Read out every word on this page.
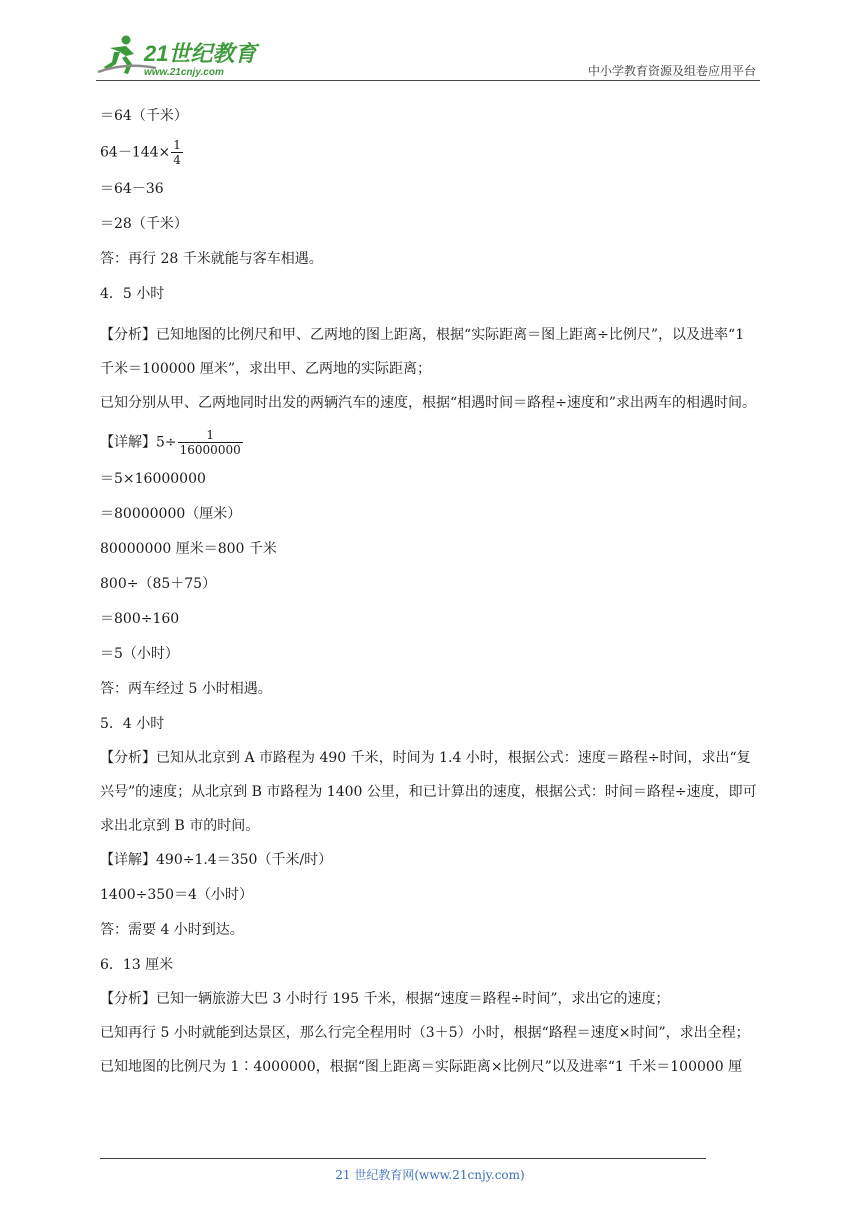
21世纪教育
www.21cnjy.com	中小学教育资源及组卷应用平台

＝64（千米）

$64-144\times \frac{1}{4}$

＝64－36

＝28（千米）

答：再行 28 千米就能与客车相遇。

4．5 小时

【分析】已知地图的比例尺和甲、乙两地的图上距离，根据“实际距离＝图上距离÷比例尺”，以及进率“1 千米＝100000 厘米”，求出甲、乙两地的实际距离；

已知分别从甲、乙两地同时出发的两辆汽车的速度，根据“相遇时间＝路程÷速度和”求出两车的相遇时间。

【详解】$5\div \frac{1}{16000000}$

＝5×16000000

＝80000000（厘米）

80000000 厘米＝800 千米

800÷（85＋75）

＝800÷160

＝5（小时）

答：两车经过 5 小时相遇。

5．4 小时

【分析】已知从北京到 A 市路程为 490 千米，时间为 1.4 小时，根据公式：速度＝路程÷时间，求出“复兴号”的速度；从北京到 B 市路程为 1400 公里，和已计算出的速度，根据公式：时间＝路程÷速度，即可求出北京到 B 市的时间。

【详解】490÷1.4＝350（千米/时）

1400÷350＝4（小时）

答：需要 4 小时到达。

6．13 厘米

【分析】已知一辆旅游大巴 3 小时行 195 千米，根据“速度＝路程÷时间”，求出它的速度；

已知再行 5 小时就能到达景区，那么行完全程用时（3＋5）小时，根据“路程＝速度×时间”，求出全程；

已知地图的比例尺为 1∶4000000，根据“图上距离＝实际距离×比例尺”以及进率“1 千米＝100000 厘

21 世纪教育网(www.21cnjy.com)
